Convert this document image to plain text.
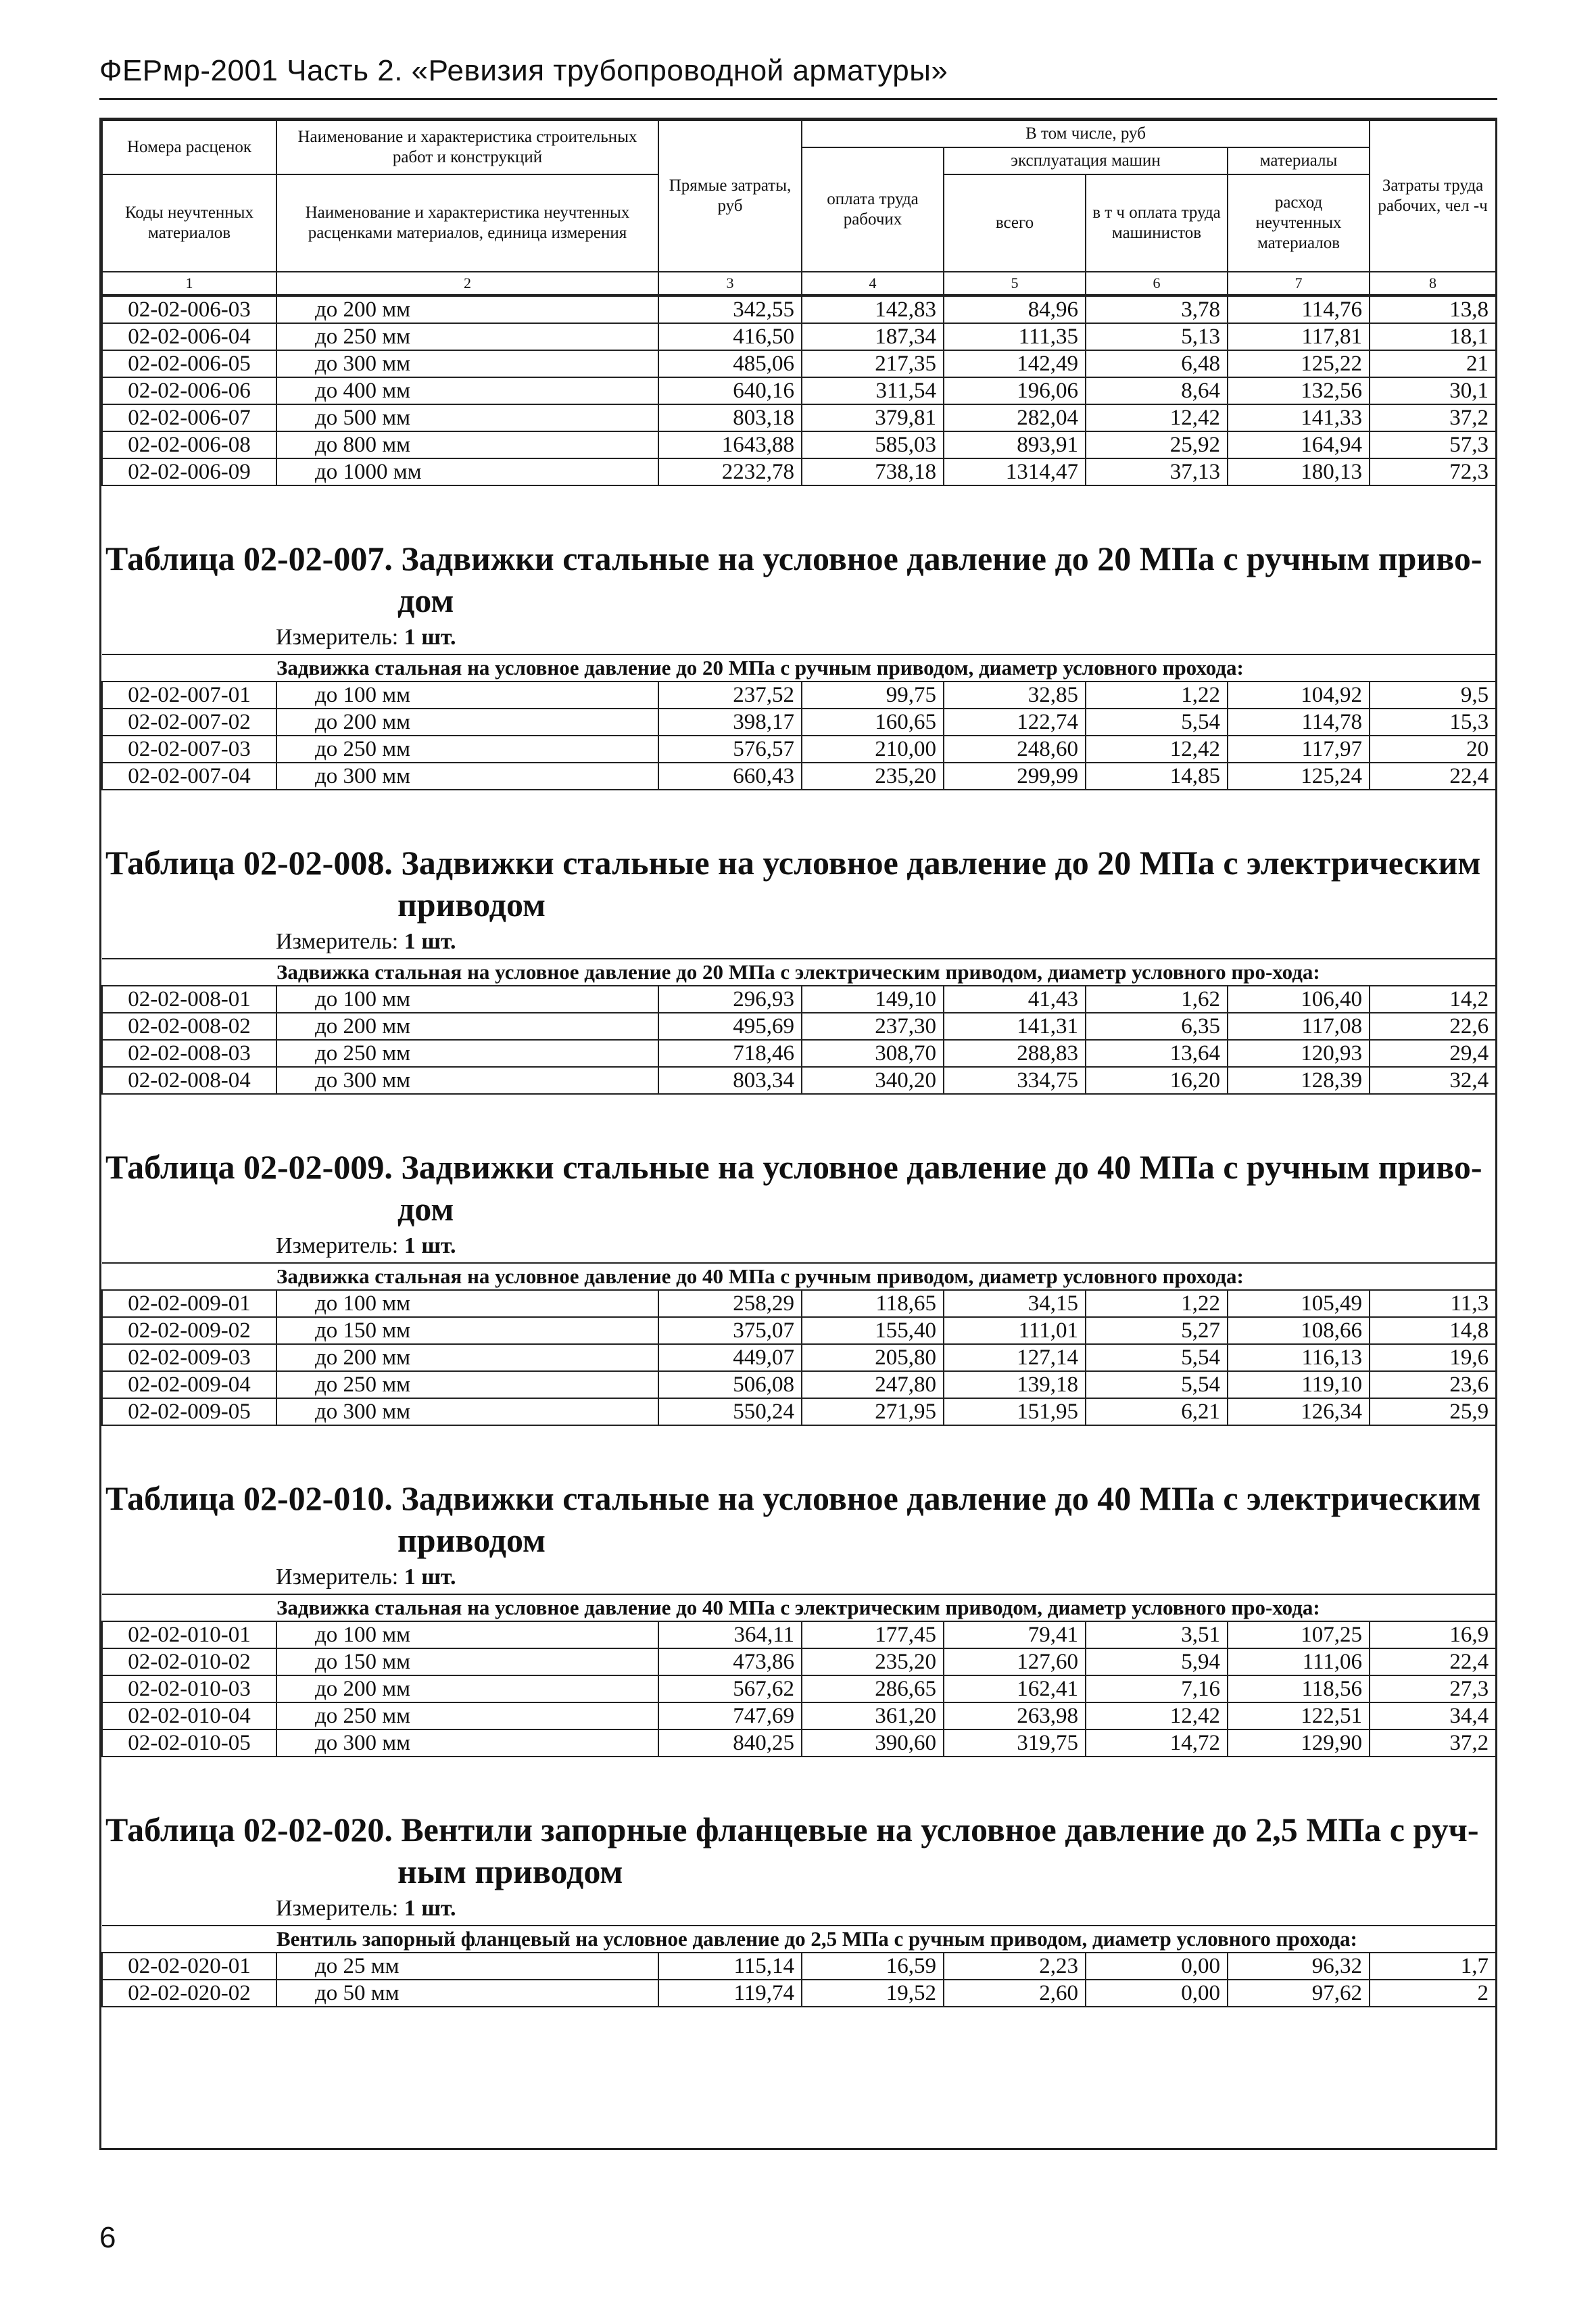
ФЕРмр-2001 Часть 2. «Ревизия трубопроводной арматуры»
Номера расценок	Наименование и характеристика строительных работ и конструкций	Прямые затраты, руб	В том числе, руб				Затраты труда рабочих, чел -ч
			оплата труда рабочих	эксплуатация машин		материалы	
Коды неучтенных материалов	Наименование и характеристика неучтенных расценками материалов, единица измерения			всего	в т ч оплата труда машинистов	расход неучтенных материалов	

1	2	3	4	5	6	7	8
02-02-006-03	до 200 мм	342,55	142,83	84,96	3,78	114,76	13,8
02-02-006-04	до 250 мм	416,50	187,34	111,35	5,13	117,81	18,1
02-02-006-05	до 300 мм	485,06	217,35	142,49	6,48	125,22	21
02-02-006-06	до 400 мм	640,16	311,54	196,06	8,64	132,56	30,1
02-02-006-07	до 500 мм	803,18	379,81	282,04	12,42	141,33	37,2
02-02-006-08	до 800 мм	1643,88	585,03	893,91	25,92	164,94	57,3
02-02-006-09	до 1000 мм	2232,78	738,18	1314,47	37,13	180,13	72,3
Таблица 02-02-007. Задвижки стальные на условное давление до 20 МПа с ручным приво-
дом
Измеритель: 1 шт.
Задвижка стальная на условное давление до 20 МПа с ручным приводом, диаметр условного прохода:							
02-02-007-01	до 100 мм	237,52	99,75	32,85	1,22	104,92	9,5
02-02-007-02	до 200 мм	398,17	160,65	122,74	5,54	114,78	15,3
02-02-007-03	до 250 мм	576,57	210,00	248,60	12,42	117,97	20
02-02-007-04	до 300 мм	660,43	235,20	299,99	14,85	125,24	22,4
Таблица 02-02-008. Задвижки стальные на условное давление до 20 МПа с электрическим
приводом
Измеритель: 1 шт.
Задвижка стальная на условное давление до 20 МПа с электрическим приводом, диаметр условного про-хода:							
02-02-008-01	до 100 мм	296,93	149,10	41,43	1,62	106,40	14,2
02-02-008-02	до 200 мм	495,69	237,30	141,31	6,35	117,08	22,6
02-02-008-03	до 250 мм	718,46	308,70	288,83	13,64	120,93	29,4
02-02-008-04	до 300 мм	803,34	340,20	334,75	16,20	128,39	32,4
Таблица 02-02-009. Задвижки стальные на условное давление до 40 МПа с ручным приво-
дом
Измеритель: 1 шт.
Задвижка стальная на условное давление до 40 МПа с ручным приводом, диаметр условного прохода:							
02-02-009-01	до 100 мм	258,29	118,65	34,15	1,22	105,49	11,3
02-02-009-02	до 150 мм	375,07	155,40	111,01	5,27	108,66	14,8
02-02-009-03	до 200 мм	449,07	205,80	127,14	5,54	116,13	19,6
02-02-009-04	до 250 мм	506,08	247,80	139,18	5,54	119,10	23,6
02-02-009-05	до 300 мм	550,24	271,95	151,95	6,21	126,34	25,9
Таблица 02-02-010. Задвижки стальные на условное давление до 40 МПа с электрическим
приводом
Измеритель: 1 шт.
Задвижка стальная на условное давление до 40 МПа с электрическим приводом, диаметр условного про-хода:							
02-02-010-01	до 100 мм	364,11	177,45	79,41	3,51	107,25	16,9
02-02-010-02	до 150 мм	473,86	235,20	127,60	5,94	111,06	22,4
02-02-010-03	до 200 мм	567,62	286,65	162,41	7,16	118,56	27,3
02-02-010-04	до 250 мм	747,69	361,20	263,98	12,42	122,51	34,4
02-02-010-05	до 300 мм	840,25	390,60	319,75	14,72	129,90	37,2
Таблица 02-02-020. Вентили запорные фланцевые на условное давление до 2,5 МПа с руч-
ным приводом
Измеритель: 1 шт.
Вентиль запорный фланцевый на условное давление до 2,5 МПа с ручным приводом, диаметр условного прохода:							
02-02-020-01	до 25 мм	115,14	16,59	2,23	0,00	96,32	1,7
02-02-020-02	до 50 мм	119,74	19,52	2,60	0,00	97,62	2
6
